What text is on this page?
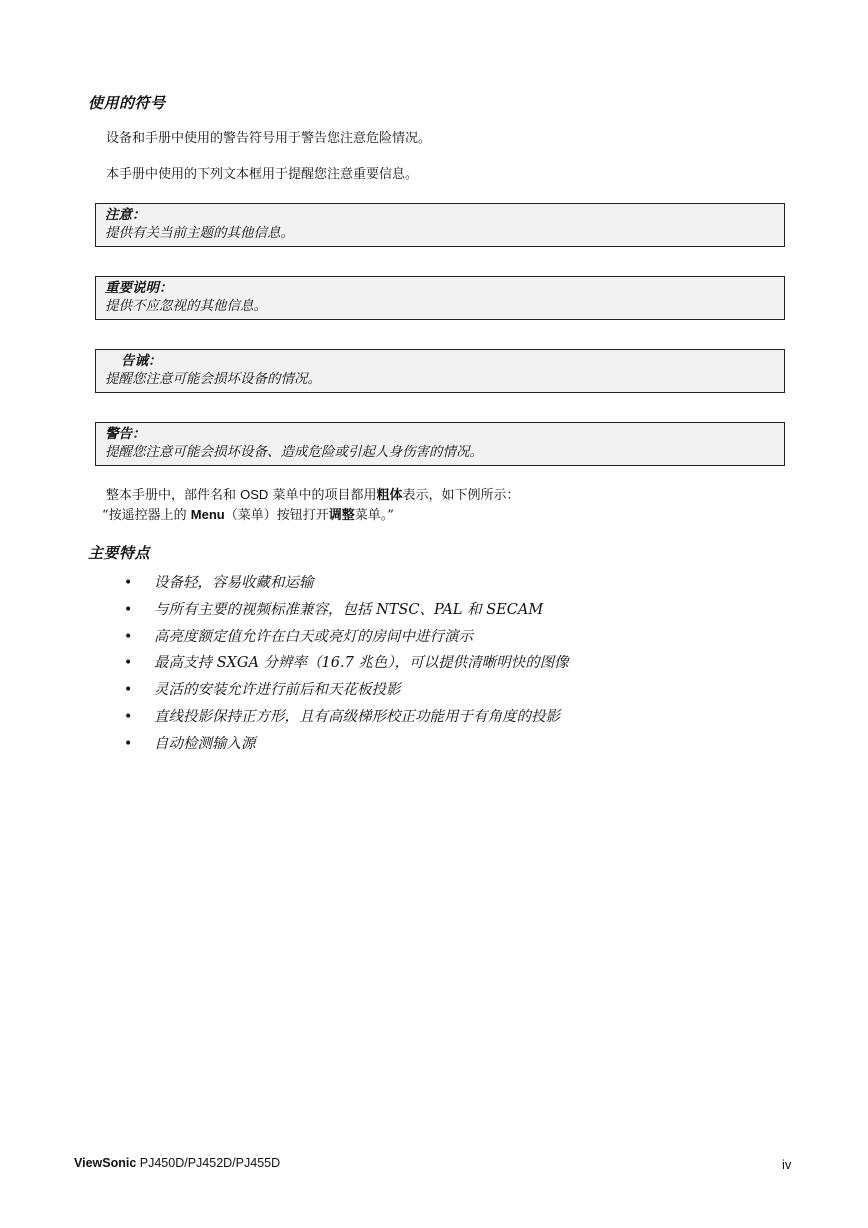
使用的符号
设备和手册中使用的警告符号用于警告您注意危险情况。
本手册中使用的下列文本框用于提醒您注意重要信息。
注意：
提供有关当前主题的其他信息。
重要说明：
提供不应忽视的其他信息。
告诫：
提醒您注意可能会损坏设备的情况。
警告：
提醒您注意可能会损坏设备、造成危险或引起人身伤害的情况。
整本手册中，部件名和 OSD 菜单中的项目都用粗体表示，如下例所示：
“按遥控器上的 Menu（菜单）按钮打开调整菜单。”
主要特点
• 设备轻，容易收藏和运输
• 与所有主要的视频标准兼容，包括 NTSC、PAL 和 SECAM
• 高亮度额定值允许在白天或亮灯的房间中进行演示
• 最高支持 SXGA 分辨率（16.7 兆色），可以提供清晰明快的图像
• 灵活的安装允许进行前后和天花板投影
• 直线投影保持正方形，且有高级梯形校正功能用于有角度的投影
• 自动检测输入源
ViewSonic PJ450D/PJ452D/PJ455D	iv
